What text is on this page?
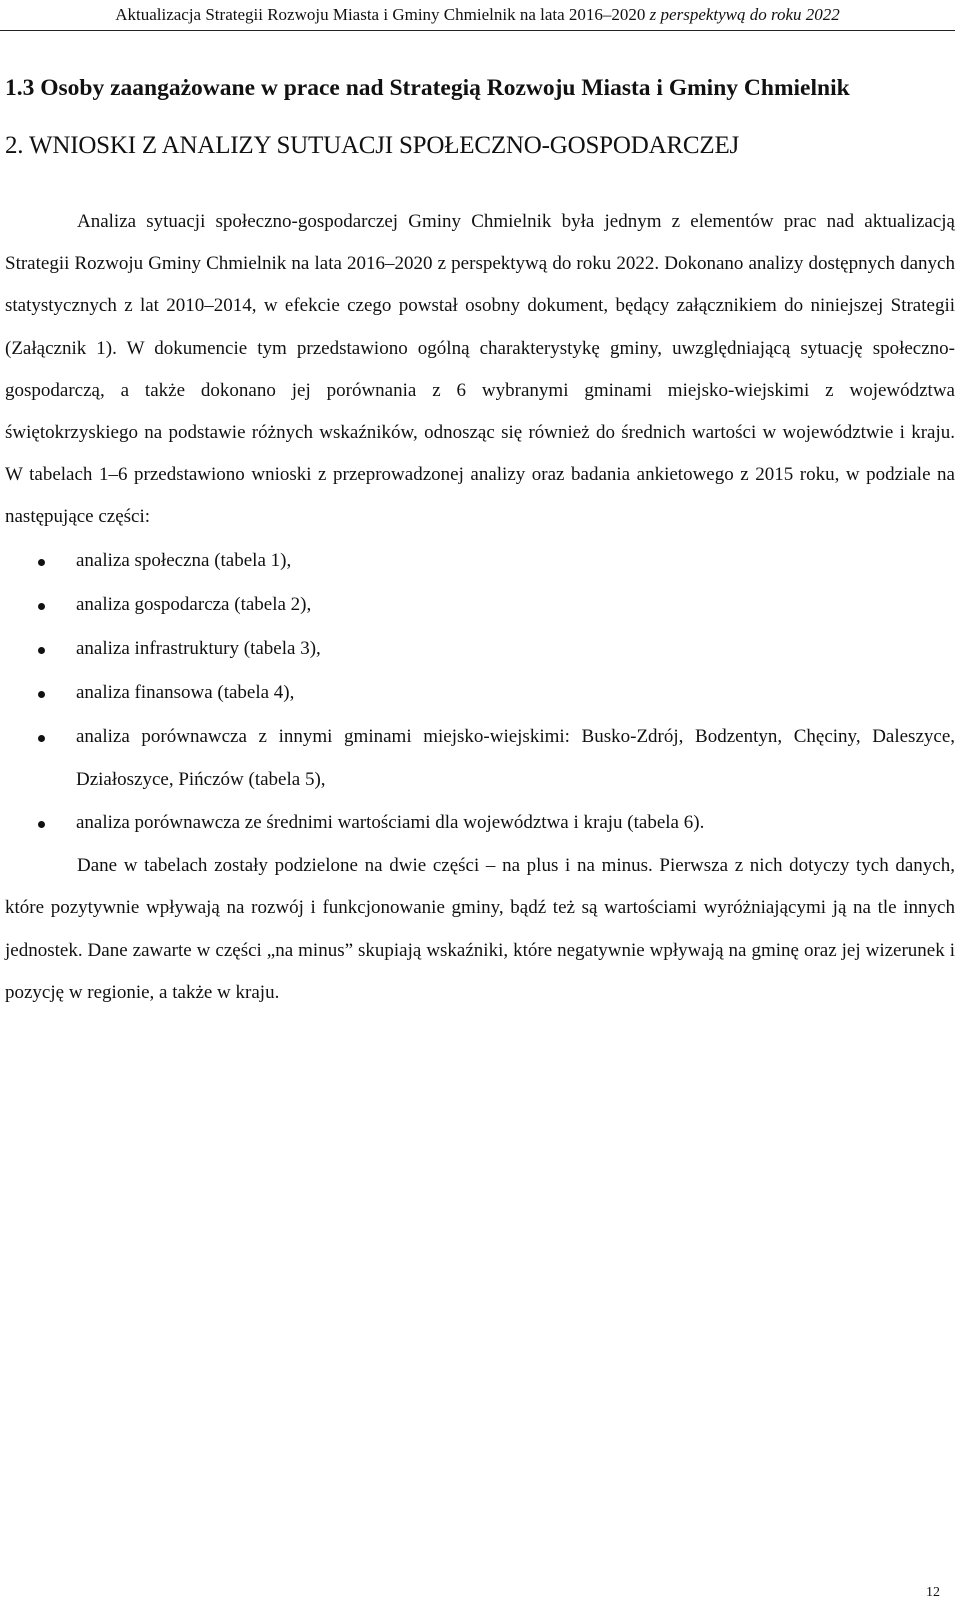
Aktualizacja Strategii Rozwoju Miasta i Gminy Chmielnik na lata 2016–2020 z perspektywą do roku 2022
1.3 Osoby zaangażowane w prace nad Strategią Rozwoju Miasta i Gminy Chmielnik
2. WNIOSKI Z ANALIZY SUTUACJI SPOŁECZNO-GOSPODARCZEJ

Analiza sytuacji społeczno-gospodarczej Gminy Chmielnik była jednym z elementów prac nad aktualizacją Strategii Rozwoju Gminy Chmielnik na lata 2016–2020 z perspektywą do roku 2022. Dokonano analizy dostępnych danych statystycznych z lat 2010–2014, w efekcie czego powstał osobny dokument, będący załącznikiem do niniejszej Strategii (Załącznik 1). W dokumencie tym przedstawiono ogólną charakterystykę gminy, uwzględniającą sytuację społeczno-gospodarczą, a także dokonano jej porównania z 6 wybranymi gminami miejsko-wiejskimi z województwa świętokrzyskiego na podstawie różnych wskaźników, odnosząc się również do średnich wartości w województwie i kraju. W tabelach 1–6 przedstawiono wnioski z przeprowadzonej analizy oraz badania ankietowego z 2015 roku, w podziale na następujące części:

analiza społeczna (tabela 1),
analiza gospodarcza (tabela 2),
analiza infrastruktury (tabela 3),
analiza finansowa (tabela 4),
analiza porównawcza z innymi gminami miejsko-wiejskimi: Busko-Zdrój, Bodzentyn, Chęciny, Daleszyce, Działoszyce, Pińczów (tabela 5),
analiza porównawcza ze średnimi wartościami dla województwa i kraju (tabela 6).

Dane w tabelach zostały podzielone na dwie części – na plus i na minus. Pierwsza z nich dotyczy tych danych, które pozytywnie wpływają na rozwój i funkcjonowanie gminy, bądź też są wartościami wyróżniającymi ją na tle innych jednostek. Dane zawarte w części „na minus” skupiają wskaźniki, które negatywnie wpływają na gminę oraz jej wizerunek i pozycję w regionie, a także w kraju.

12
